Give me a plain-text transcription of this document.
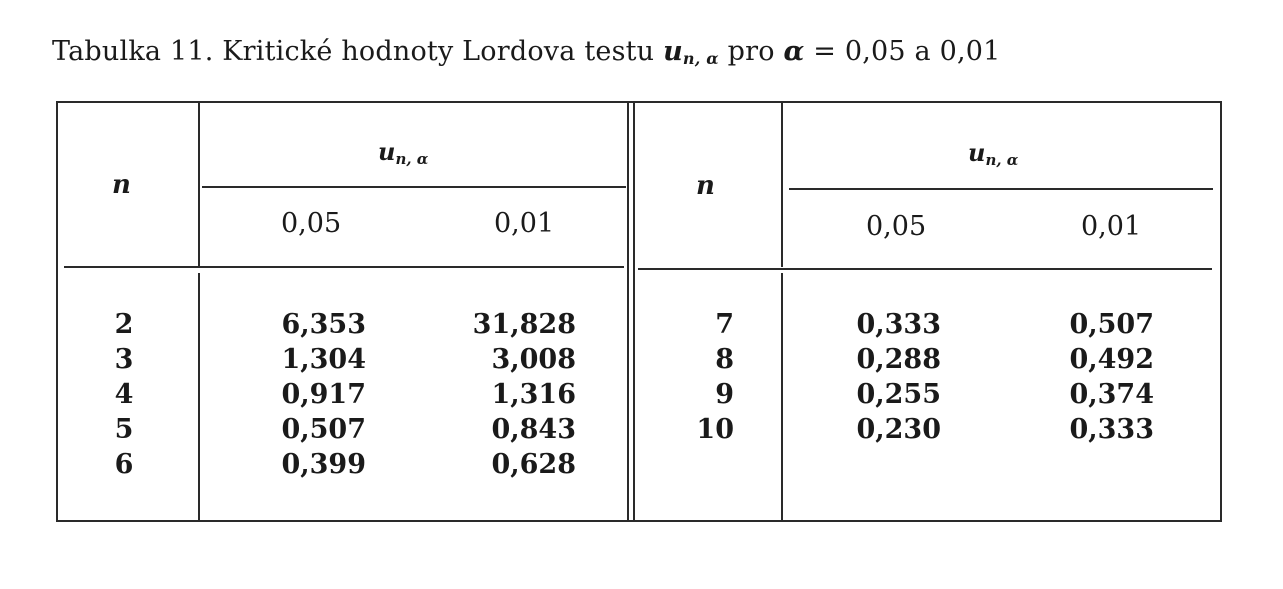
Tabulka 11. Kritické hodnoty Lordova testu un, α pro α = 0,05 a 0,01
n
un, α
0,05	0,01
n
un, α
0,05	0,01
2
3
4
5
6
6,353
1,304
0,917
0,507
0,399
31,828
3,008
1,316
0,843
0,628
7
8
9
10
0,333
0,288
0,255
0,230
0,507
0,492
0,374
0,333
